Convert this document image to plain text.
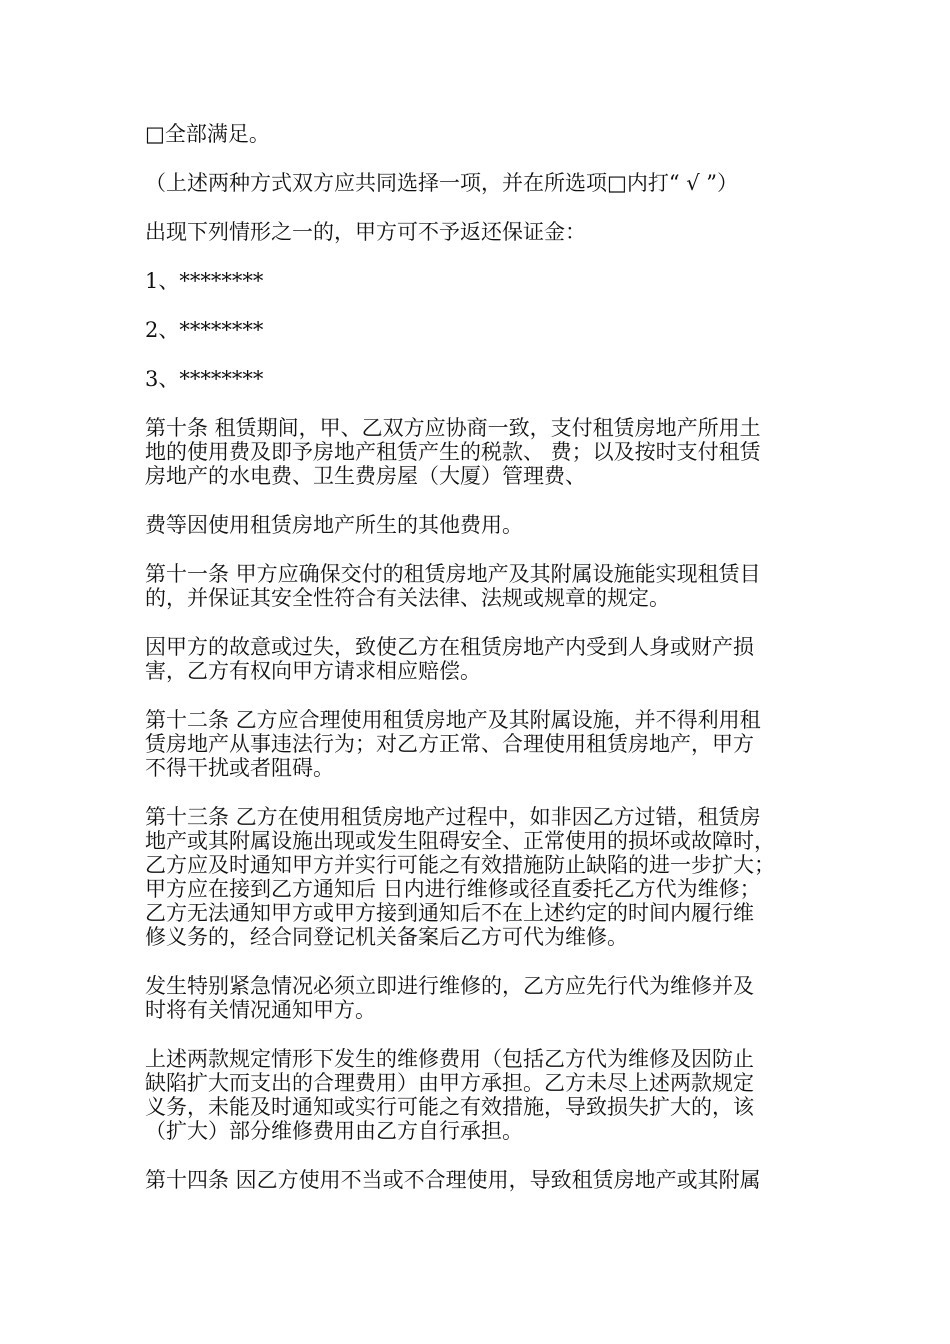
□全部满足。

（上述两种方式双方应共同选择一项，并在所选项□内打“ √ ”）

出现下列情形之一的，甲方可不予返还保证金：

1、********

2、********

3、********

第十条 租赁期间，甲、乙双方应协商一致，支付租赁房地产所用土
地的使用费及即予房地产租赁产生的税款、 费；以及按时支付租赁
房地产的水电费、卫生费房屋（大厦）管理费、

费等因使用租赁房地产所生的其他费用。

第十一条 甲方应确保交付的租赁房地产及其附属设施能实现租赁目
的，并保证其安全性符合有关法律、法规或规章的规定。

因甲方的故意或过失，致使乙方在租赁房地产内受到人身或财产损
害，乙方有权向甲方请求相应赔偿。

第十二条 乙方应合理使用租赁房地产及其附属设施，并不得利用租
赁房地产从事违法行为；对乙方正常、合理使用租赁房地产，甲方
不得干扰或者阻碍。

第十三条 乙方在使用租赁房地产过程中，如非因乙方过错，租赁房
地产或其附属设施出现或发生阻碍安全、正常使用的损坏或故障时，
乙方应及时通知甲方并实行可能之有效措施防止缺陷的进一步扩大；
甲方应在接到乙方通知后 日内进行维修或径直委托乙方代为维修；
乙方无法通知甲方或甲方接到通知后不在上述约定的时间内履行维
修义务的，经合同登记机关备案后乙方可代为维修。

发生特别紧急情况必须立即进行维修的，乙方应先行代为维修并及
时将有关情况通知甲方。

上述两款规定情形下发生的维修费用（包括乙方代为维修及因防止
缺陷扩大而支出的合理费用）由甲方承担。乙方未尽上述两款规定
义务，未能及时通知或实行可能之有效措施，导致损失扩大的，该
（扩大）部分维修费用由乙方自行承担。

第十四条 因乙方使用不当或不合理使用，导致租赁房地产或其附属
